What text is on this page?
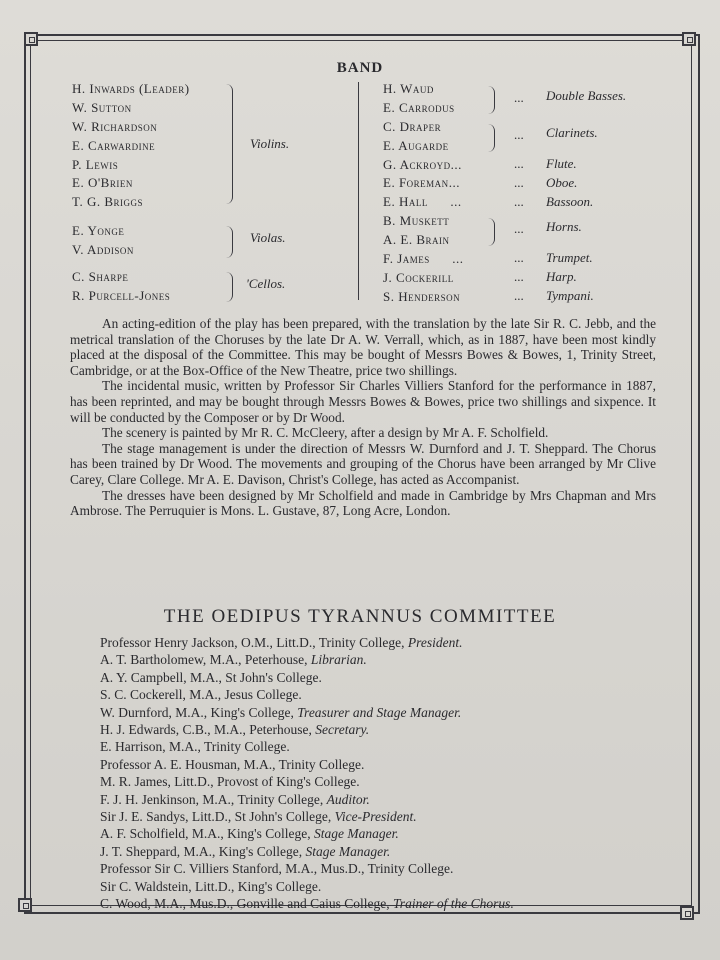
BAND
H. Inwards (Leader)
W. Sutton
W. Richardson
E. Carwardine
P. Lewis
E. O'Brien
T. G. Briggs
Violins.
E. Yonge
V. Addison
Violas.
C. Sharpe
R. Purcell-Jones
'Cellos.
H. Waud
E. Carrodus
C. Draper
E. Augarde
G. Ackroyd...
E. Foreman...
E. Hall ...
B. Muskett
A. E. Brain
F. James ...
J. Cockerill
S. Henderson
...
...
...
...
...
...
...
...
...
Double Basses.
Clarinets.
Flute.
Oboe.
Bassoon.
Horns.
Trumpet.
Harp.
Tympani.

An acting-edition of the play has been prepared, with the translation by the late Sir R. C. Jebb, and the metrical translation of the Choruses by the late Dr A. W. Verrall, which, as in 1887, have been most kindly placed at the disposal of the Committee. This may be bought of Messrs Bowes & Bowes, 1, Trinity Street, Cambridge, or at the Box-Office of the New Theatre, price two shillings.

The incidental music, written by Professor Sir Charles Villiers Stanford for the performance in 1887, has been reprinted, and may be bought through Messrs Bowes & Bowes, price two shillings and sixpence. It will be conducted by the Composer or by Dr Wood.

The scenery is painted by Mr R. C. McCleery, after a design by Mr A. F. Scholfield.

The stage management is under the direction of Messrs W. Durnford and J. T. Sheppard. The Chorus has been trained by Dr Wood. The movements and grouping of the Chorus have been arranged by Mr Clive Carey, Clare College. Mr A. E. Davison, Christ's College, has acted as Accompanist.

The dresses have been designed by Mr Scholfield and made in Cambridge by Mrs Chapman and Mrs Ambrose. The Perruquier is Mons. L. Gustave, 87, Long Acre, London.

THE OEDIPUS TYRANNUS COMMITTEE
Professor Henry Jackson, O.M., Litt.D., Trinity College, President.
A. T. Bartholomew, M.A., Peterhouse, Librarian.
A. Y. Campbell, M.A., St John's College.
S. C. Cockerell, M.A., Jesus College.
W. Durnford, M.A., King's College, Treasurer and Stage Manager.
H. J. Edwards, C.B., M.A., Peterhouse, Secretary.
E. Harrison, M.A., Trinity College.
Professor A. E. Housman, M.A., Trinity College.
M. R. James, Litt.D., Provost of King's College.
F. J. H. Jenkinson, M.A., Trinity College, Auditor.
Sir J. E. Sandys, Litt.D., St John's College, Vice-President.
A. F. Scholfield, M.A., King's College, Stage Manager.
J. T. Sheppard, M.A., King's College, Stage Manager.
Professor Sir C. Villiers Stanford, M.A., Mus.D., Trinity College.
Sir C. Waldstein, Litt.D., King's College.
C. Wood, M.A., Mus.D., Gonville and Caius College, Trainer of the Chorus.
